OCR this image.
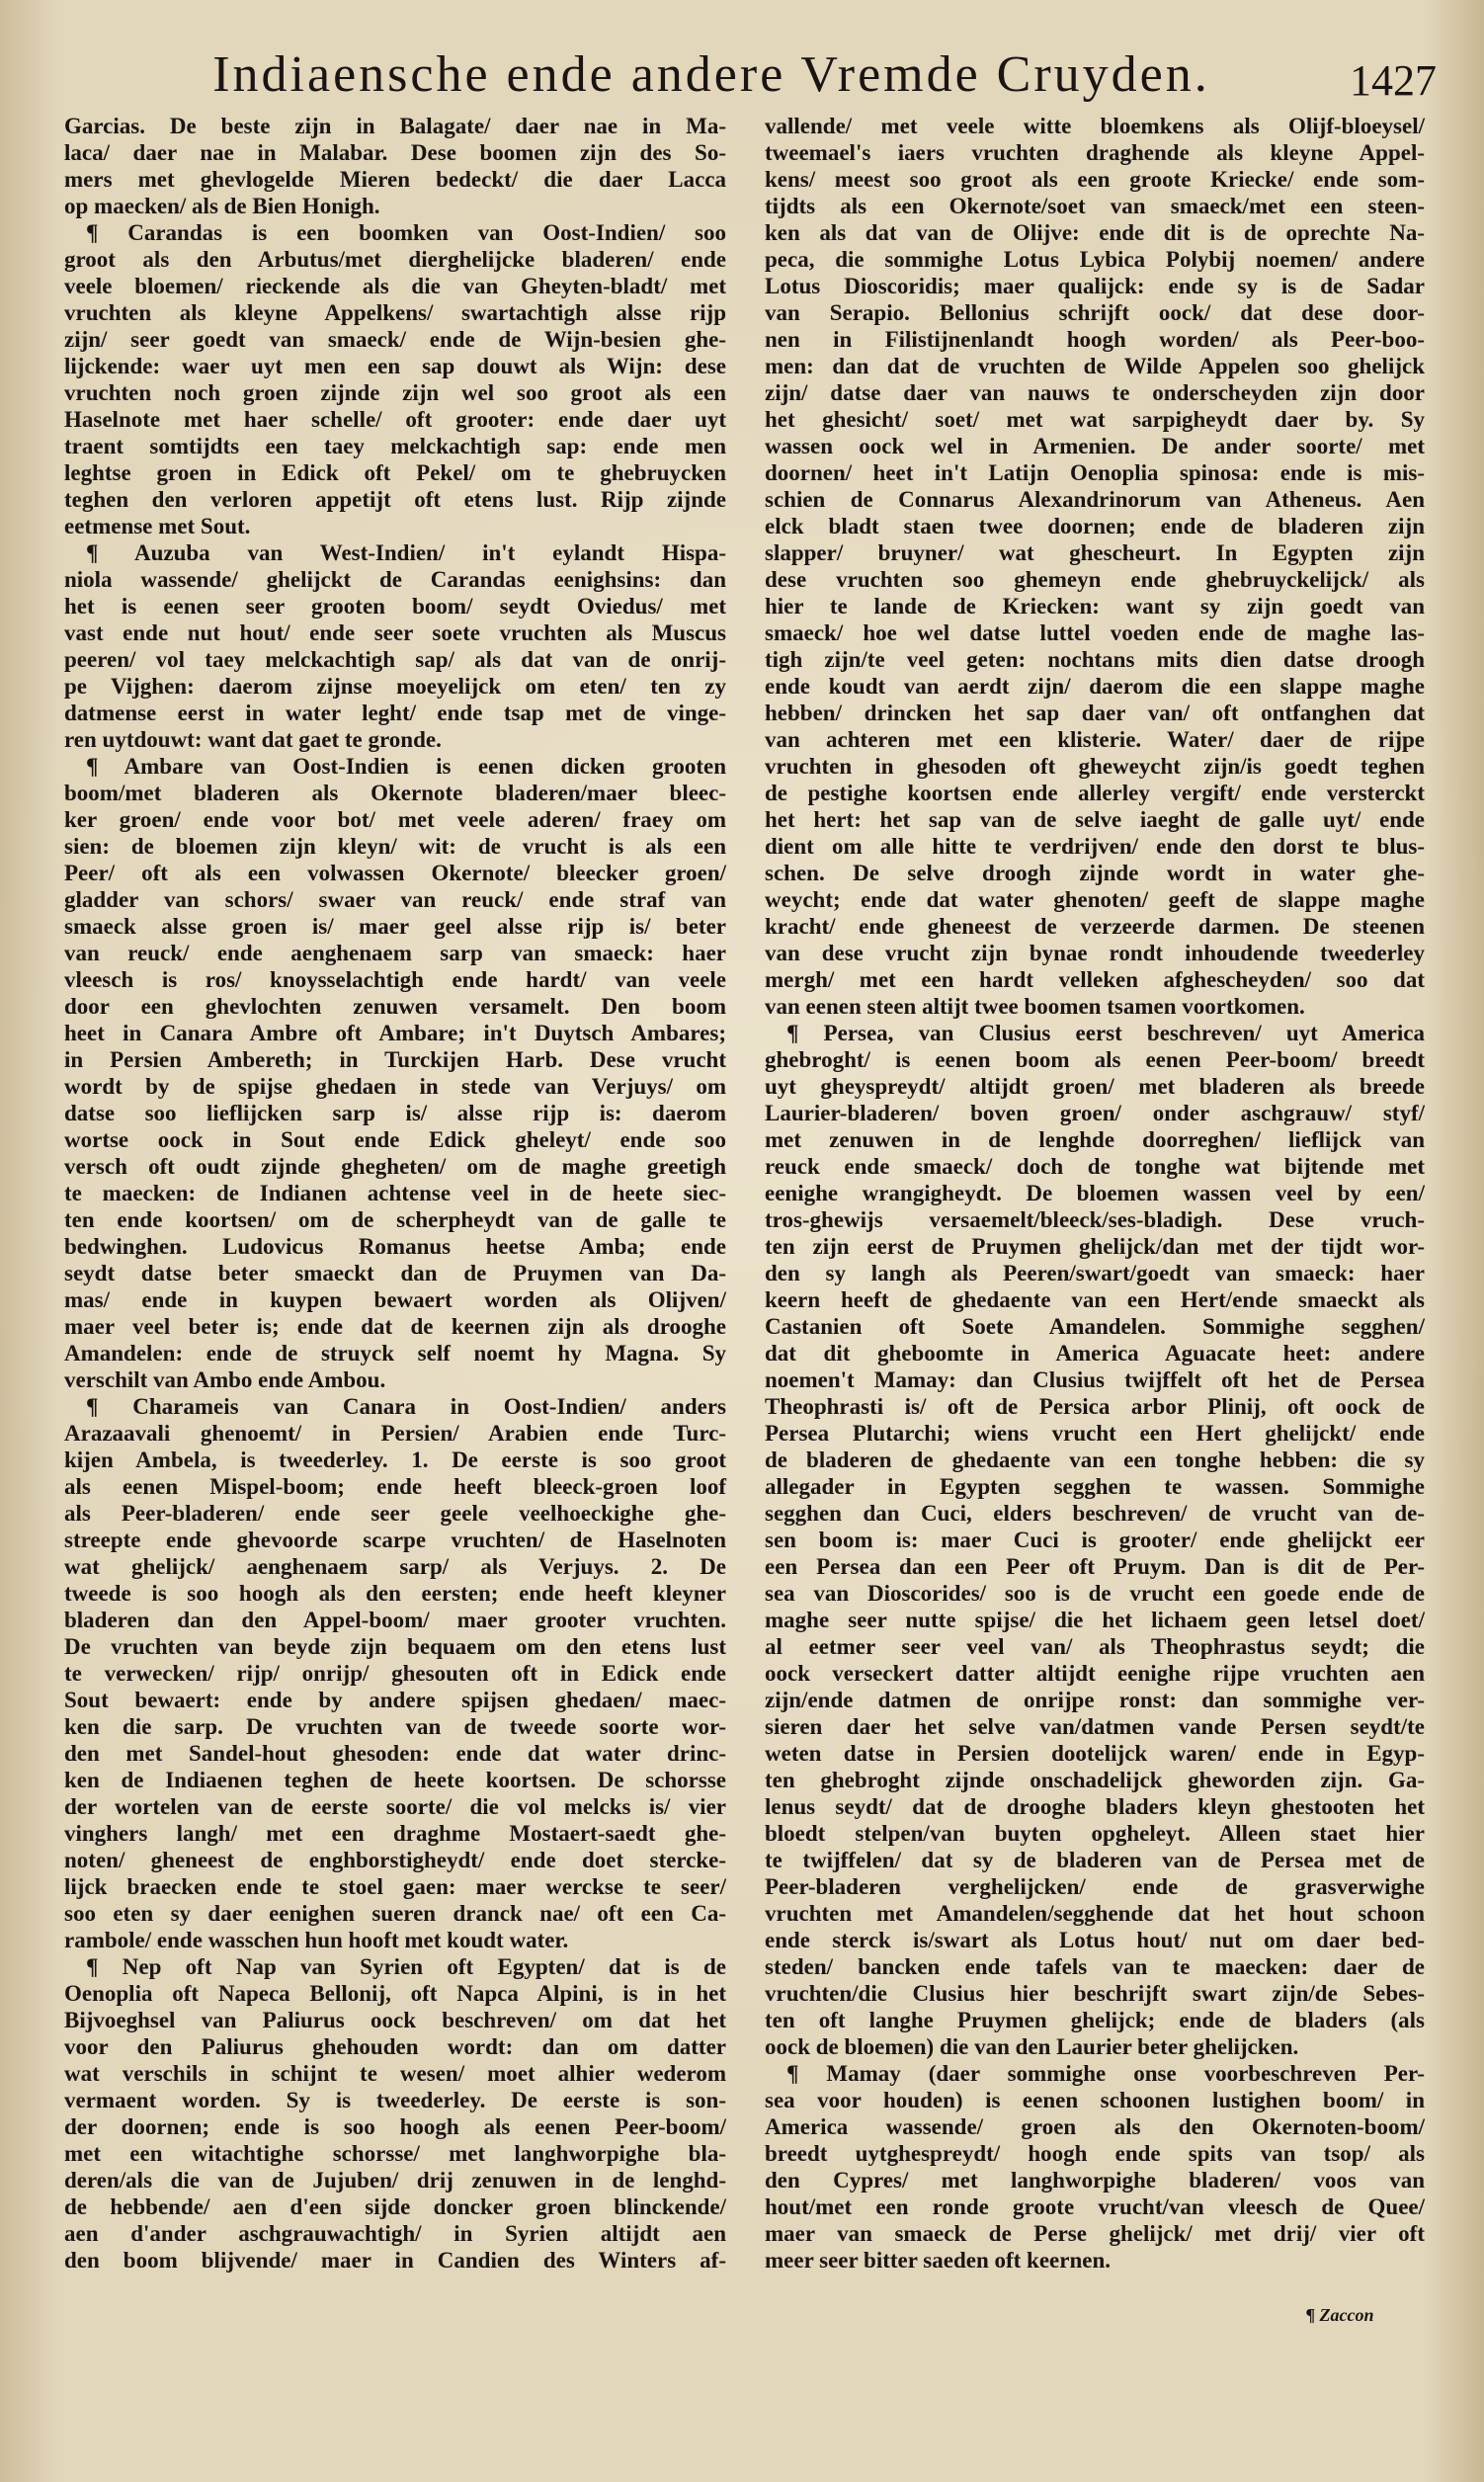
Indiaensche ende andere Vremde Cruyden.	1427
Garcias. De beste zijn in Balagate/ daer nae in Ma-
laca/ daer nae in Malabar. Dese boomen zijn des So-
mers met ghevlogelde Mieren bedeckt/ die daer Lacca
op maecken/ als de Bien Honigh.
¶ Carandas is een boomken van Oost-Indien/ soo
groot als den Arbutus/met dierghelijcke bladeren/ ende
veele bloemen/ rieckende als die van Gheyten-bladt/ met
vruchten als kleyne Appelkens/ swartachtigh alsse rijp
zijn/ seer goedt van smaeck/ ende de Wijn-besien ghe-
lijckende: waer uyt men een sap douwt als Wijn: dese
vruchten noch groen zijnde zijn wel soo groot als een
Haselnote met haer schelle/ oft grooter: ende daer uyt
traent somtijdts een taey melckachtigh sap: ende men
leghtse groen in Edick oft Pekel/ om te ghebruycken
teghen den verloren appetijt oft etens lust. Rijp zijnde
eetmense met Sout.
¶ Auzuba van West-Indien/ in't eylandt Hispa-
niola wassende/ ghelijckt de Carandas eenighsins: dan
het is eenen seer grooten boom/ seydt Oviedus/ met
vast ende nut hout/ ende seer soete vruchten als Muscus
peeren/ vol taey melckachtigh sap/ als dat van de onrij-
pe Vijghen: daerom zijnse moeyelijck om eten/ ten zy
datmense eerst in water leght/ ende tsap met de vinge-
ren uytdouwt: want dat gaet te gronde.
¶ Ambare van Oost-Indien is eenen dicken grooten
boom/met bladeren als Okernote bladeren/maer bleec-
ker groen/ ende voor bot/ met veele aderen/ fraey om
sien: de bloemen zijn kleyn/ wit: de vrucht is als een
Peer/ oft als een volwassen Okernote/ bleecker groen/
gladder van schors/ swaer van reuck/ ende straf van
smaeck alsse groen is/ maer geel alsse rijp is/ beter
van reuck/ ende aenghenaem sarp van smaeck: haer
vleesch is ros/ knoysselachtigh ende hardt/ van veele
door een ghevlochten zenuwen versamelt. Den boom
heet in Canara Ambre oft Ambare; in't Duytsch Ambares;
in Persien Ambereth; in Turckijen Harb. Dese vrucht
wordt by de spijse ghedaen in stede van Verjuys/ om
datse soo lieflijcken sarp is/ alsse rijp is: daerom
wortse oock in Sout ende Edick gheleyt/ ende soo
versch oft oudt zijnde ghegheten/ om de maghe greetigh
te maecken: de Indianen achtense veel in de heete siec-
ten ende koortsen/ om de scherpheydt van de galle te
bedwinghen. Ludovicus Romanus heetse Amba; ende
seydt datse beter smaeckt dan de Pruymen van Da-
mas/ ende in kuypen bewaert worden als Olijven/
maer veel beter is; ende dat de keernen zijn als drooghe
Amandelen: ende de struyck self noemt hy Magna. Sy
verschilt van Ambo ende Ambou.
¶ Charameis van Canara in Oost-Indien/ anders
Arazaavali ghenoemt/ in Persien/ Arabien ende Turc-
kijen Ambela, is tweederley. 1. De eerste is soo groot
als eenen Mispel-boom; ende heeft bleeck-groen loof
als Peer-bladeren/ ende seer geele veelhoeckighe ghe-
streepte ende ghevoorde scarpe vruchten/ de Haselnoten
wat ghelijck/ aenghenaem sarp/ als Verjuys. 2. De
tweede is soo hoogh als den eersten; ende heeft kleyner
bladeren dan den Appel-boom/ maer grooter vruchten.
De vruchten van beyde zijn bequaem om den etens lust
te verwecken/ rijp/ onrijp/ ghesouten oft in Edick ende
Sout bewaert: ende by andere spijsen ghedaen/ maec-
ken die sarp. De vruchten van de tweede soorte wor-
den met Sandel-hout ghesoden: ende dat water drinc-
ken de Indiaenen teghen de heete koortsen. De schorsse
der wortelen van de eerste soorte/ die vol melcks is/ vier
vinghers langh/ met een draghme Mostaert-saedt ghe-
noten/ gheneest de enghborstigheydt/ ende doet stercke-
lijck braecken ende te stoel gaen: maer werckse te seer/
soo eten sy daer eenighen sueren dranck nae/ oft een Ca-
rambole/ ende wasschen hun hooft met koudt water.
¶ Nep oft Nap van Syrien oft Egypten/ dat is de
Oenoplia oft Napeca Bellonij, oft Napca Alpini, is in het
Bijvoeghsel van Paliurus oock beschreven/ om dat het
voor den Paliurus ghehouden wordt: dan om datter
wat verschils in schijnt te wesen/ moet alhier wederom
vermaent worden. Sy is tweederley. De eerste is son-
der doornen; ende is soo hoogh als eenen Peer-boom/
met een witachtighe schorsse/ met langhworpighe bla-
deren/als die van de Jujuben/ drij zenuwen in de lenghd-
de hebbende/ aen d'een sijde doncker groen blinckende/
aen d'ander aschgrauwachtigh/ in Syrien altijdt aen
den boom blijvende/ maer in Candien des Winters af-
vallende/ met veele witte bloemkens als Olijf-bloeysel/
tweemael's iaers vruchten draghende als kleyne Appel-
kens/ meest soo groot als een groote Kriecke/ ende som-
tijdts als een Okernote/soet van smaeck/met een steen-
ken als dat van de Olijve: ende dit is de oprechte Na-
peca, die sommighe Lotus Lybica Polybij noemen/ andere
Lotus Dioscoridis; maer qualijck: ende sy is de Sadar
van Serapio. Bellonius schrijft oock/ dat dese door-
nen in Filistijnenlandt hoogh worden/ als Peer-boo-
men: dan dat de vruchten de Wilde Appelen soo ghelijck
zijn/ datse daer van nauws te onderscheyden zijn door
het ghesicht/ soet/ met wat sarpigheydt daer by. Sy
wassen oock wel in Armenien. De ander soorte/ met
doornen/ heet in't Latijn Oenoplia spinosa: ende is mis-
schien de Connarus Alexandrinorum van Atheneus. Aen
elck bladt staen twee doornen; ende de bladeren zijn
slapper/ bruyner/ wat ghescheurt. In Egypten zijn
dese vruchten soo ghemeyn ende ghebruyckelijck/ als
hier te lande de Kriecken: want sy zijn goedt van
smaeck/ hoe wel datse luttel voeden ende de maghe las-
tigh zijn/te veel geten: nochtans mits dien datse droogh
ende koudt van aerdt zijn/ daerom die een slappe maghe
hebben/ drincken het sap daer van/ oft ontfanghen dat
van achteren met een klisterie. Water/ daer de rijpe
vruchten in ghesoden oft gheweycht zijn/is goedt teghen
de pestighe koortsen ende allerley vergift/ ende versterckt
het hert: het sap van de selve iaeght de galle uyt/ ende
dient om alle hitte te verdrijven/ ende den dorst te blus-
schen. De selve droogh zijnde wordt in water ghe-
weycht; ende dat water ghenoten/ geeft de slappe maghe
kracht/ ende gheneest de verzeerde darmen. De steenen
van dese vrucht zijn bynae rondt inhoudende tweederley
mergh/ met een hardt velleken afghescheyden/ soo dat
van eenen steen altijt twee boomen tsamen voortkomen.
¶ Persea, van Clusius eerst beschreven/ uyt America
ghebroght/ is eenen boom als eenen Peer-boom/ breedt
uyt gheyspreydt/ altijdt groen/ met bladeren als breede
Laurier-bladeren/ boven groen/ onder aschgrauw/ styf/
met zenuwen in de lenghde doorreghen/ lieflijck van
reuck ende smaeck/ doch de tonghe wat bijtende met
eenighe wrangigheydt. De bloemen wassen veel by een/
tros-ghewijs versaemelt/bleeck/ses-bladigh. Dese vruch-
ten zijn eerst de Pruymen ghelijck/dan met der tijdt wor-
den sy langh als Peeren/swart/goedt van smaeck: haer
keern heeft de ghedaente van een Hert/ende smaeckt als
Castanien oft Soete Amandelen. Sommighe segghen/
dat dit gheboomte in America Aguacate heet: andere
noemen't Mamay: dan Clusius twijffelt oft het de Persea
Theophrasti is/ oft de Persica arbor Plinij, oft oock de
Persea Plutarchi; wiens vrucht een Hert ghelijckt/ ende
de bladeren de ghedaente van een tonghe hebben: die sy
allegader in Egypten segghen te wassen. Sommighe
segghen dan Cuci, elders beschreven/ de vrucht van de-
sen boom is: maer Cuci is grooter/ ende ghelijckt eer
een Persea dan een Peer oft Pruym. Dan is dit de Per-
sea van Dioscorides/ soo is de vrucht een goede ende de
maghe seer nutte spijse/ die het lichaem geen letsel doet/
al eetmer seer veel van/ als Theophrastus seydt; die
oock verseckert datter altijdt eenighe rijpe vruchten aen
zijn/ende datmen de onrijpe ronst: dan sommighe ver-
sieren daer het selve van/datmen vande Persen seydt/te
weten datse in Persien dootelijck waren/ ende in Egyp-
ten ghebroght zijnde onschadelijck gheworden zijn. Ga-
lenus seydt/ dat de drooghe bladers kleyn ghestooten het
bloedt stelpen/van buyten opgheleyt. Alleen staet hier
te twijffelen/ dat sy de bladeren van de Persea met de
Peer-bladeren verghelijcken/ ende de grasverwighe
vruchten met Amandelen/segghende dat het hout schoon
ende sterck is/swart als Lotus hout/ nut om daer bed-
steden/ bancken ende tafels van te maecken: daer de
vruchten/die Clusius hier beschrijft swart zijn/de Sebes-
ten oft langhe Pruymen ghelijck; ende de bladers (als
oock de bloemen) die van den Laurier beter ghelijcken.
¶ Mamay (daer sommighe onse voorbeschreven Per-
sea voor houden) is eenen schoonen lustighen boom/ in
America wassende/ groen als den Okernoten-boom/
breedt uytghespreydt/ hoogh ende spits van tsop/ als
den Cypres/ met langhworpighe bladeren/ voos van
hout/met een ronde groote vrucht/van vleesch de Quee/
maer van smaeck de Perse ghelijck/ met drij/ vier oft
meer seer bitter saeden oft keernen.
¶ Zaccon
